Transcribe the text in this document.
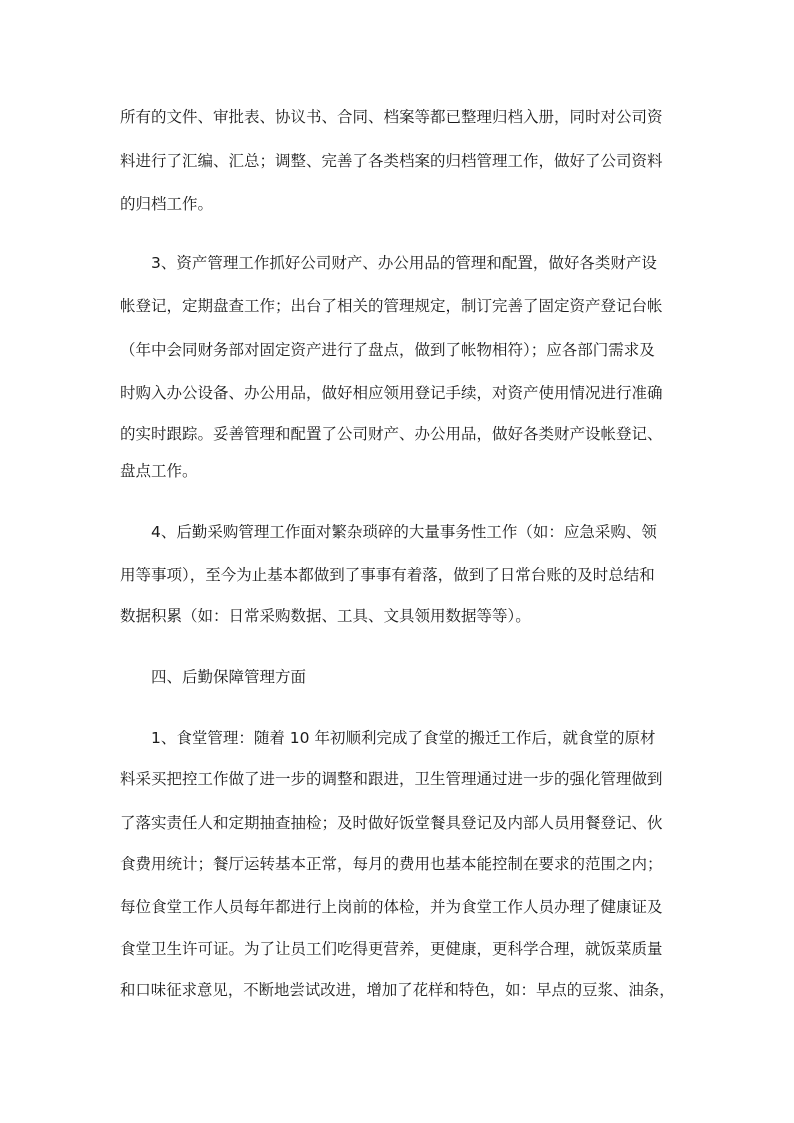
所有的文件、审批表、协议书、合同、档案等都已整理归档入册，同时对公司资
料进行了汇编、汇总；调整、完善了各类档案的归档管理工作，做好了公司资料
的归档工作。
3、资产管理工作抓好公司财产、办公用品的管理和配置，做好各类财产设
帐登记，定期盘查工作；出台了相关的管理规定，制订完善了固定资产登记台帐
（年中会同财务部对固定资产进行了盘点，做到了帐物相符）；应各部门需求及
时购入办公设备、办公用品，做好相应领用登记手续，对资产使用情况进行准确
的实时跟踪。妥善管理和配置了公司财产、办公用品，做好各类财产设帐登记、
盘点工作。
4、后勤采购管理工作面对繁杂琐碎的大量事务性工作（如：应急采购、领
用等事项），至今为止基本都做到了事事有着落，做到了日常台账的及时总结和
数据积累（如：日常采购数据、工具、文具领用数据等等）。
四、后勤保障管理方面
1、食堂管理：随着 10 年初顺利完成了食堂的搬迁工作后，就食堂的原材
料采买把控工作做了进一步的调整和跟进，卫生管理通过进一步的强化管理做到
了落实责任人和定期抽查抽检；及时做好饭堂餐具登记及内部人员用餐登记、伙
食费用统计；餐厅运转基本正常，每月的费用也基本能控制在要求的范围之内；
每位食堂工作人员每年都进行上岗前的体检，并为食堂工作人员办理了健康证及
食堂卫生许可证。为了让员工们吃得更营养，更健康，更科学合理，就饭菜质量
和口味征求意见，不断地尝试改进，增加了花样和特色，如：早点的豆浆、油条，
